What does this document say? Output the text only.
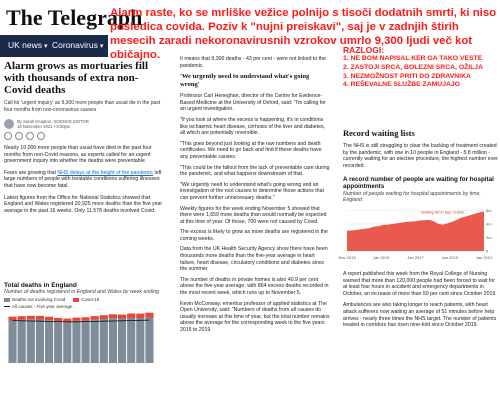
The Telegraph
UK news ▾ Coronavirus ▾
Alarm raste, ko se mrliške vežice polnijo s tisoči dodatnih smrti, ki niso posledica covida. Poziv k "nujni preiskavi", saj je v zadnjih štirih mesecih zaradi nekoronavirusnih vzrokov umrlo 9,300 ljudi več kot običajno.
Alarm grows as mortuaries fill with thousands of extra non-Covid deaths
Call for 'urgent inquiry' as 9,300 more people than usual die in the past four months from non-coronavirus causes
By Sarah Knapton, SCIENCE EDITOR
16 November 2021 • 8:00pm

Nearly 10,000 more people than usual have died in the past four months from non-Covid reasons, as experts called for an urgent government inquiry into whether the deaths were preventable.

Fears are growing that NHS delays at the height of the pandemic left large numbers of people with treatable conditions suffering illnesses that have now become fatal.

Latest figures from the Office for National Statistics showed that England and Wales registered 20,925 more deaths than the five year average in the past 16 weeks. Only 11,578 deaths involved Covid.

Total deaths in England
Number of deaths registered in England and Wales by week ending
Deaths not involving Covid	Covid-19
All causes - Five year average

It means that 9,300 deaths - 43 per cent - were not linked to the pandemic.

'We urgently need to understand what's going wrong'

Professor Carl Heneghan, director of the Centre for Evidence-Based Medicine at the University of Oxford, said: "I'm calling for an urgent investigation.

"If you look at where the excess is happening, it's in conditions like ischaemic heart disease, cirrhosis of the liver and diabetes, all which are potentially reversible.

"This goes beyond just looking at the raw numbers and death certificates. We need to go back and find if these deaths have any preventable causes.

"This could be the fallout from the lack of preventable care during the pandemic, and what happens downstream of that.

"We urgently need to understand what's going wrong and an investigation of the root causes to determine those actions that can prevent further unnecessary deaths."

Weekly figures for the week ending November 5 showed that there were 1,659 more deaths than would normally be expected at this time of year. Of those, 700 were not caused by Covid.

The excess is likely to grow as more deaths are registered in the coming weeks.

Data from the UK Health Security Agency show there have been thousands more deaths than the five-year average in heart failure, heart disease, circulatory conditions and diabetes since the summer.

The number of deaths in private homes is also 40.9 per cent above the five-year average, with 864 excess deaths recorded in the most recent week, which runs up to November 5.

Kevin McConway, emeritus professor of applied statistics at The Open University, said: "Numbers of deaths from all causes do usually increase at this time of year, but the total number remains above the average for the corresponding week in the five years 2015 to 2019.

RAZLOGI:
1. NE BOM NAPISAL KER GA TAKO VESTE
2. ZASTOJI SRCA, BOLEZNI SRCA, OŽILJA
3. NEZMOŽNOST PRITI DO ZDRAVNIKA
4. REŠEVALNE SLUŽBE ZAMUJAJO
Record waiting lists

The NHS is still struggling to clear the backlog of treatment created by the pandemic, with one in 10 people in England - 5.8 million - currently waiting for an elective procedure, the highest number ever recorded.

A record number of people are waiting for hospital appointments
Number of people waiting for hospital appointments by time, England
0
2m
4m
6m
Nov 2013	Jan 2015	Jan 2017	Jan 2019	Jan 2021
Waiting list in Sep, 5.83m

A report published this week from the Royal College of Nursing warned that more than 120,000 people had been forced to wait for at least four hours in accident and emergency departments in October, an increase of more than 50 per cent since October 2019.

Ambulances are also taking longer to reach patients, with heart attack sufferers now waiting an average of 51 minutes before help arrives - nearly three times the NHS target. The number of patients treated in corridors has risen nine-fold since October 2019.
